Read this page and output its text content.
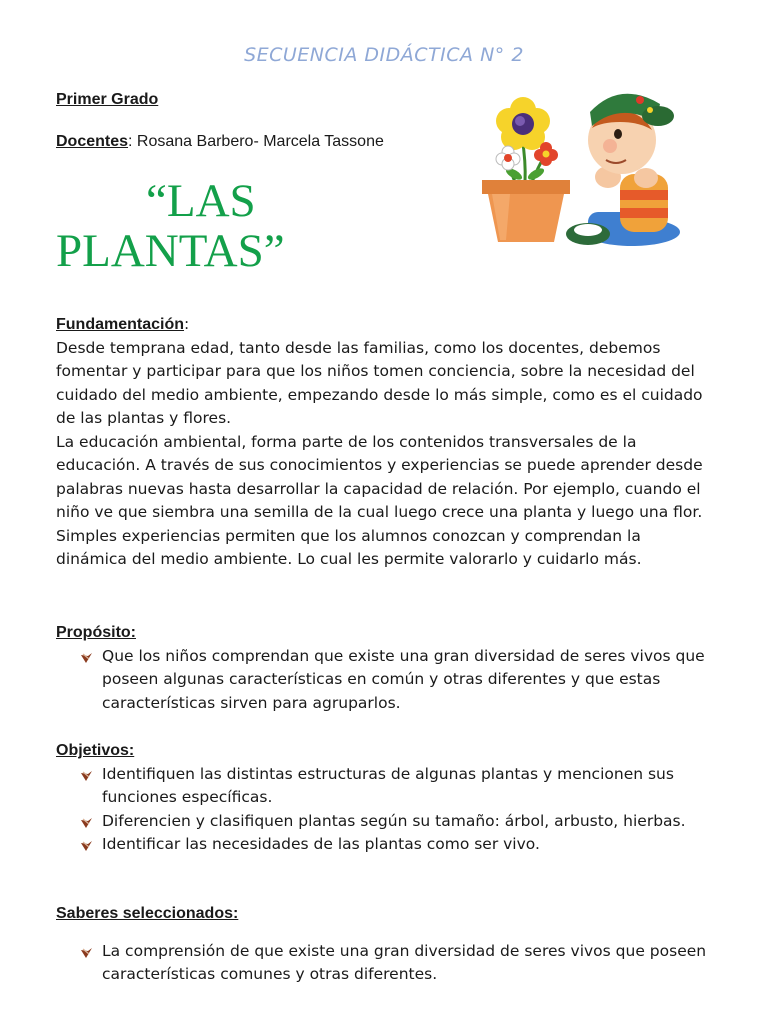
SECUENCIA DIDÁCTICA N° 2
Primer Grado
Docentes: Rosana Barbero- Marcela Tassone
“LAS
PLANTAS”
Fundamentación:

Desde temprana edad, tanto desde las familias, como los docentes, debemos fomentar y participar para que los niños tomen conciencia, sobre la necesidad del cuidado del medio ambiente, empezando desde lo más simple, como es el cuidado de las plantas y flores.

La educación ambiental, forma parte de los contenidos transversales de la educación. A través de sus conocimientos y experiencias se puede aprender desde palabras nuevas hasta desarrollar la capacidad de relación. Por ejemplo, cuando el niño ve que siembra una semilla de la cual luego crece una planta y luego una flor. Simples experiencias permiten que los alumnos conozcan y comprendan la dinámica del medio ambiente. Lo cual les permite valorarlo y cuidarlo más.

Propósito:
Que los niños comprendan que existe una gran diversidad de seres vivos que poseen algunas características en común y otras diferentes y que estas características sirven para agruparlos.
Objetivos:
Identifiquen las distintas estructuras de algunas plantas y mencionen sus funciones específicas.
Diferencien y clasifiquen plantas según su tamaño: árbol, arbusto, hierbas.
Identificar las necesidades de las plantas como ser vivo.
Saberes seleccionados:
La comprensión de que existe una gran diversidad de seres vivos que poseen características comunes y otras diferentes.
